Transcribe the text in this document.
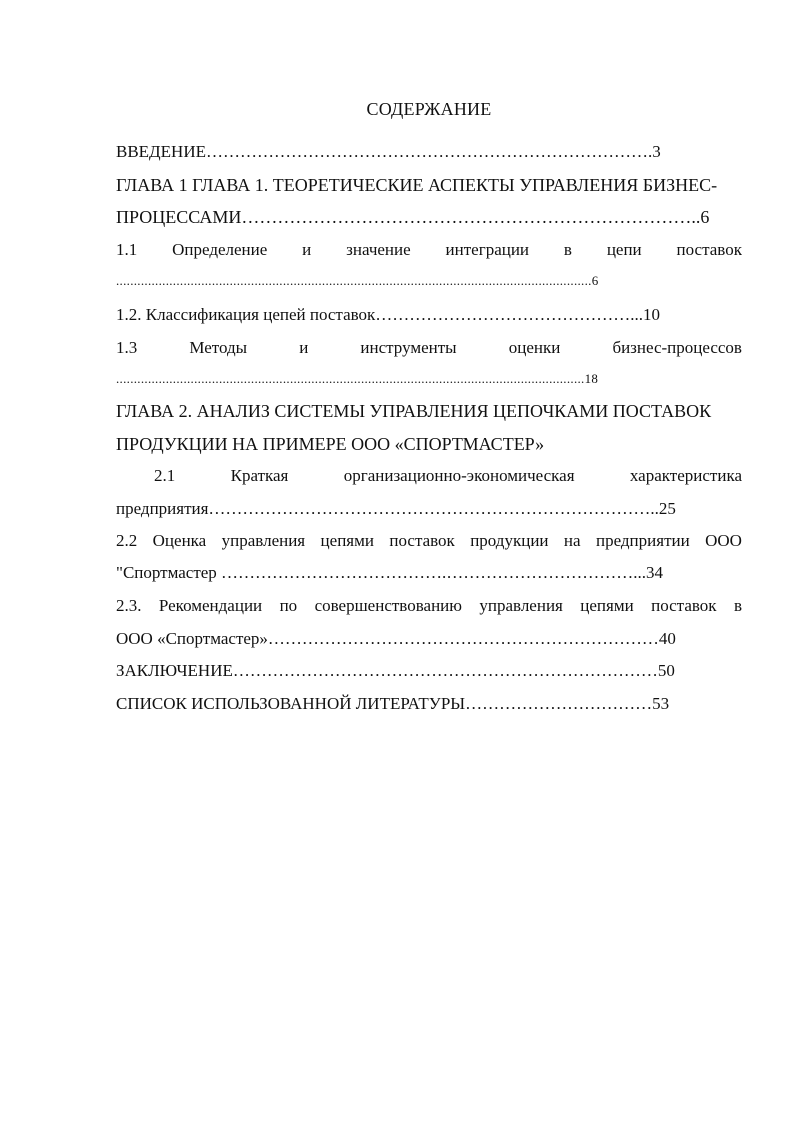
СОДЕРЖАНИЕ
ВВЕДЕНИЕ…………………………………………………………………….3
ГЛАВА 1 ГЛАВА 1. ТЕОРЕТИЧЕСКИЕ АСПЕКТЫ УПРАВЛЕНИЯ БИЗНЕС-
ПРОЦЕССАМИ…………………………………………………………………..6
1.1 Определение и значение интеграции в цепи поставок
......................................................................................................................................6
1.2. Классификация цепей поставок………………………………………...10
1.3	Методы	и	инструменты	оценки	бизнес-процессов
....................................................................................................................................18
ГЛАВА 2. АНАЛИЗ СИСТЕМЫ УПРАВЛЕНИЯ ЦЕПОЧКАМИ ПОСТАВОК
ПРОДУКЦИИ НА ПРИМЕРЕ ООО «СПОРТМАСТЕР»
2.1	Краткая	организационно-экономическая	характеристика
предприятия……………………………………………………………………..25
2.2 Оценка управления цепями поставок продукции на предприятии ООО
"Спортмастер ………………………………….……………………………...34
2.3. Рекомендации по совершенствованию управления цепями поставок в
ООО «Спортмастер»……………………………………………………………40
ЗАКЛЮЧЕНИЕ…………………………………………………………………50
СПИСОК ИСПОЛЬЗОВАННОЙ ЛИТЕРАТУРЫ……………………………53
